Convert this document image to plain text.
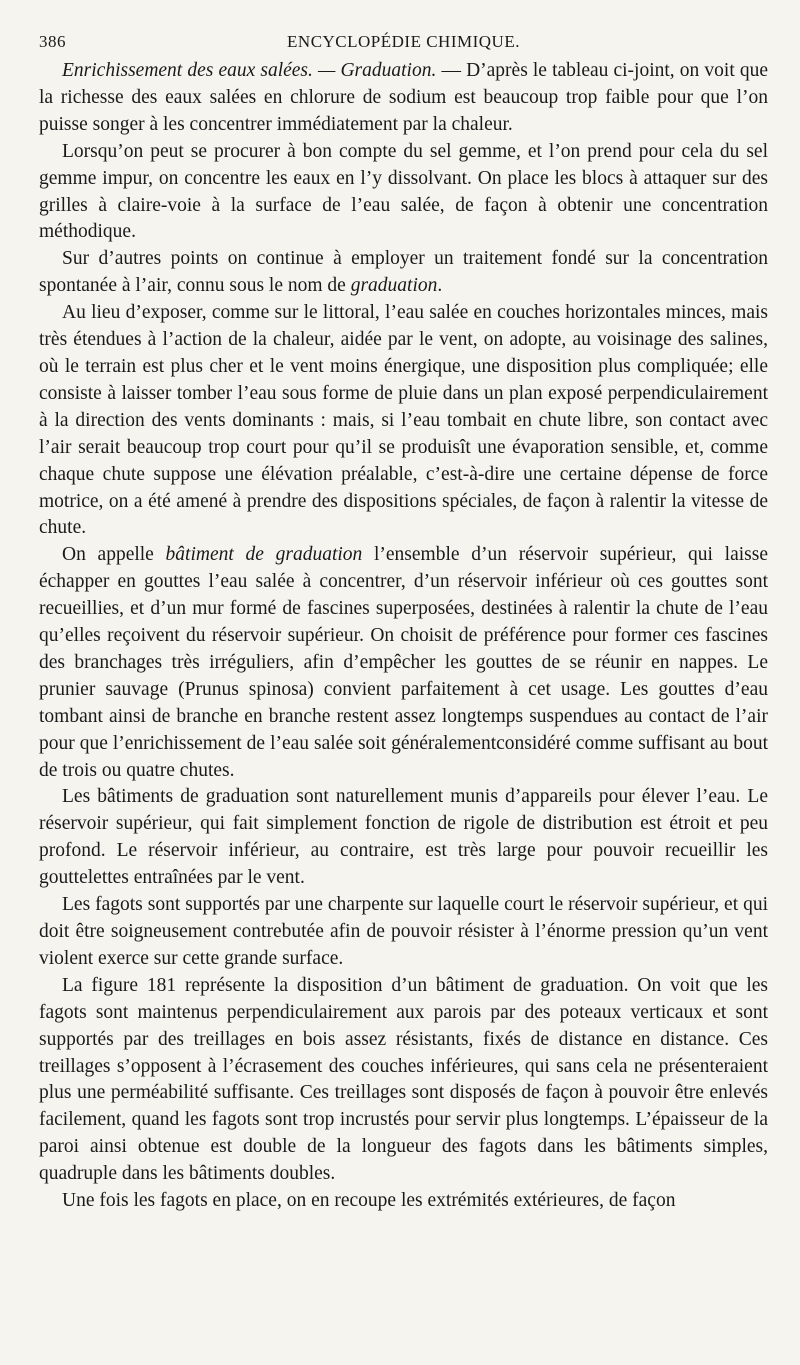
386	ENCYCLOPÉDIE CHIMIQUE.

Enrichissement des eaux salées. — Graduation. — D’après le tableau ci-joint, on voit que la richesse des eaux salées en chlorure de sodium est beaucoup trop faible pour que l’on puisse songer à les concentrer immédiatement par la chaleur.

Lorsqu’on peut se procurer à bon compte du sel gemme, et l’on prend pour cela du sel gemme impur, on concentre les eaux en l’y dissolvant. On place les blocs à attaquer sur des grilles à claire-voie à la surface de l’eau salée, de façon à obtenir une concentration méthodique.

Sur d’autres points on continue à employer un traitement fondé sur la concentration spontanée à l’air, connu sous le nom de graduation.

Au lieu d’exposer, comme sur le littoral, l’eau salée en couches horizontales minces, mais très étendues à l’action de la chaleur, aidée par le vent, on adopte, au voisinage des salines, où le terrain est plus cher et le vent moins énergique, une disposition plus compliquée; elle consiste à laisser tomber l’eau sous forme de pluie dans un plan exposé perpendiculairement à la direction des vents dominants : mais, si l’eau tombait en chute libre, son contact avec l’air serait beaucoup trop court pour qu’il se produisît une évaporation sensible, et, comme chaque chute suppose une élévation préalable, c’est-à-dire une certaine dépense de force motrice, on a été amené à prendre des dispositions spéciales, de façon à ralentir la vitesse de chute.

On appelle bâtiment de graduation l’ensemble d’un réservoir supérieur, qui laisse échapper en gouttes l’eau salée à concentrer, d’un réservoir inférieur où ces gouttes sont recueillies, et d’un mur formé de fascines superposées, destinées à ralentir la chute de l’eau qu’elles reçoivent du réservoir supérieur. On choisit de préférence pour former ces fascines des branchages très irréguliers, afin d’empêcher les gouttes de se réunir en nappes. Le prunier sauvage (Prunus spinosa) convient parfaitement à cet usage. Les gouttes d’eau tombant ainsi de branche en branche restent assez longtemps suspendues au contact de l’air pour que l’enrichissement de l’eau salée soit généralementconsidéré comme suffisant au bout de trois ou quatre chutes.

Les bâtiments de graduation sont naturellement munis d’appareils pour élever l’eau. Le réservoir supérieur, qui fait simplement fonction de rigole de distribution est étroit et peu profond. Le réservoir inférieur, au contraire, est très large pour pouvoir recueillir les gouttelettes entraînées par le vent.

Les fagots sont supportés par une charpente sur laquelle court le réservoir supérieur, et qui doit être soigneusement contrebutée afin de pouvoir résister à l’énorme pression qu’un vent violent exerce sur cette grande surface.

La figure 181 représente la disposition d’un bâtiment de graduation. On voit que les fagots sont maintenus perpendiculairement aux parois par des poteaux verticaux et sont supportés par des treillages en bois assez résistants, fixés de distance en distance. Ces treillages s’opposent à l’écrasement des couches inférieures, qui sans cela ne présenteraient plus une perméabilité suffisante. Ces treillages sont disposés de façon à pouvoir être enlevés facilement, quand les fagots sont trop incrustés pour servir plus longtemps. L’épaisseur de la paroi ainsi obtenue est double de la longueur des fagots dans les bâtiments simples, quadruple dans les bâtiments doubles.

Une fois les fagots en place, on en recoupe les extrémités extérieures, de façon
